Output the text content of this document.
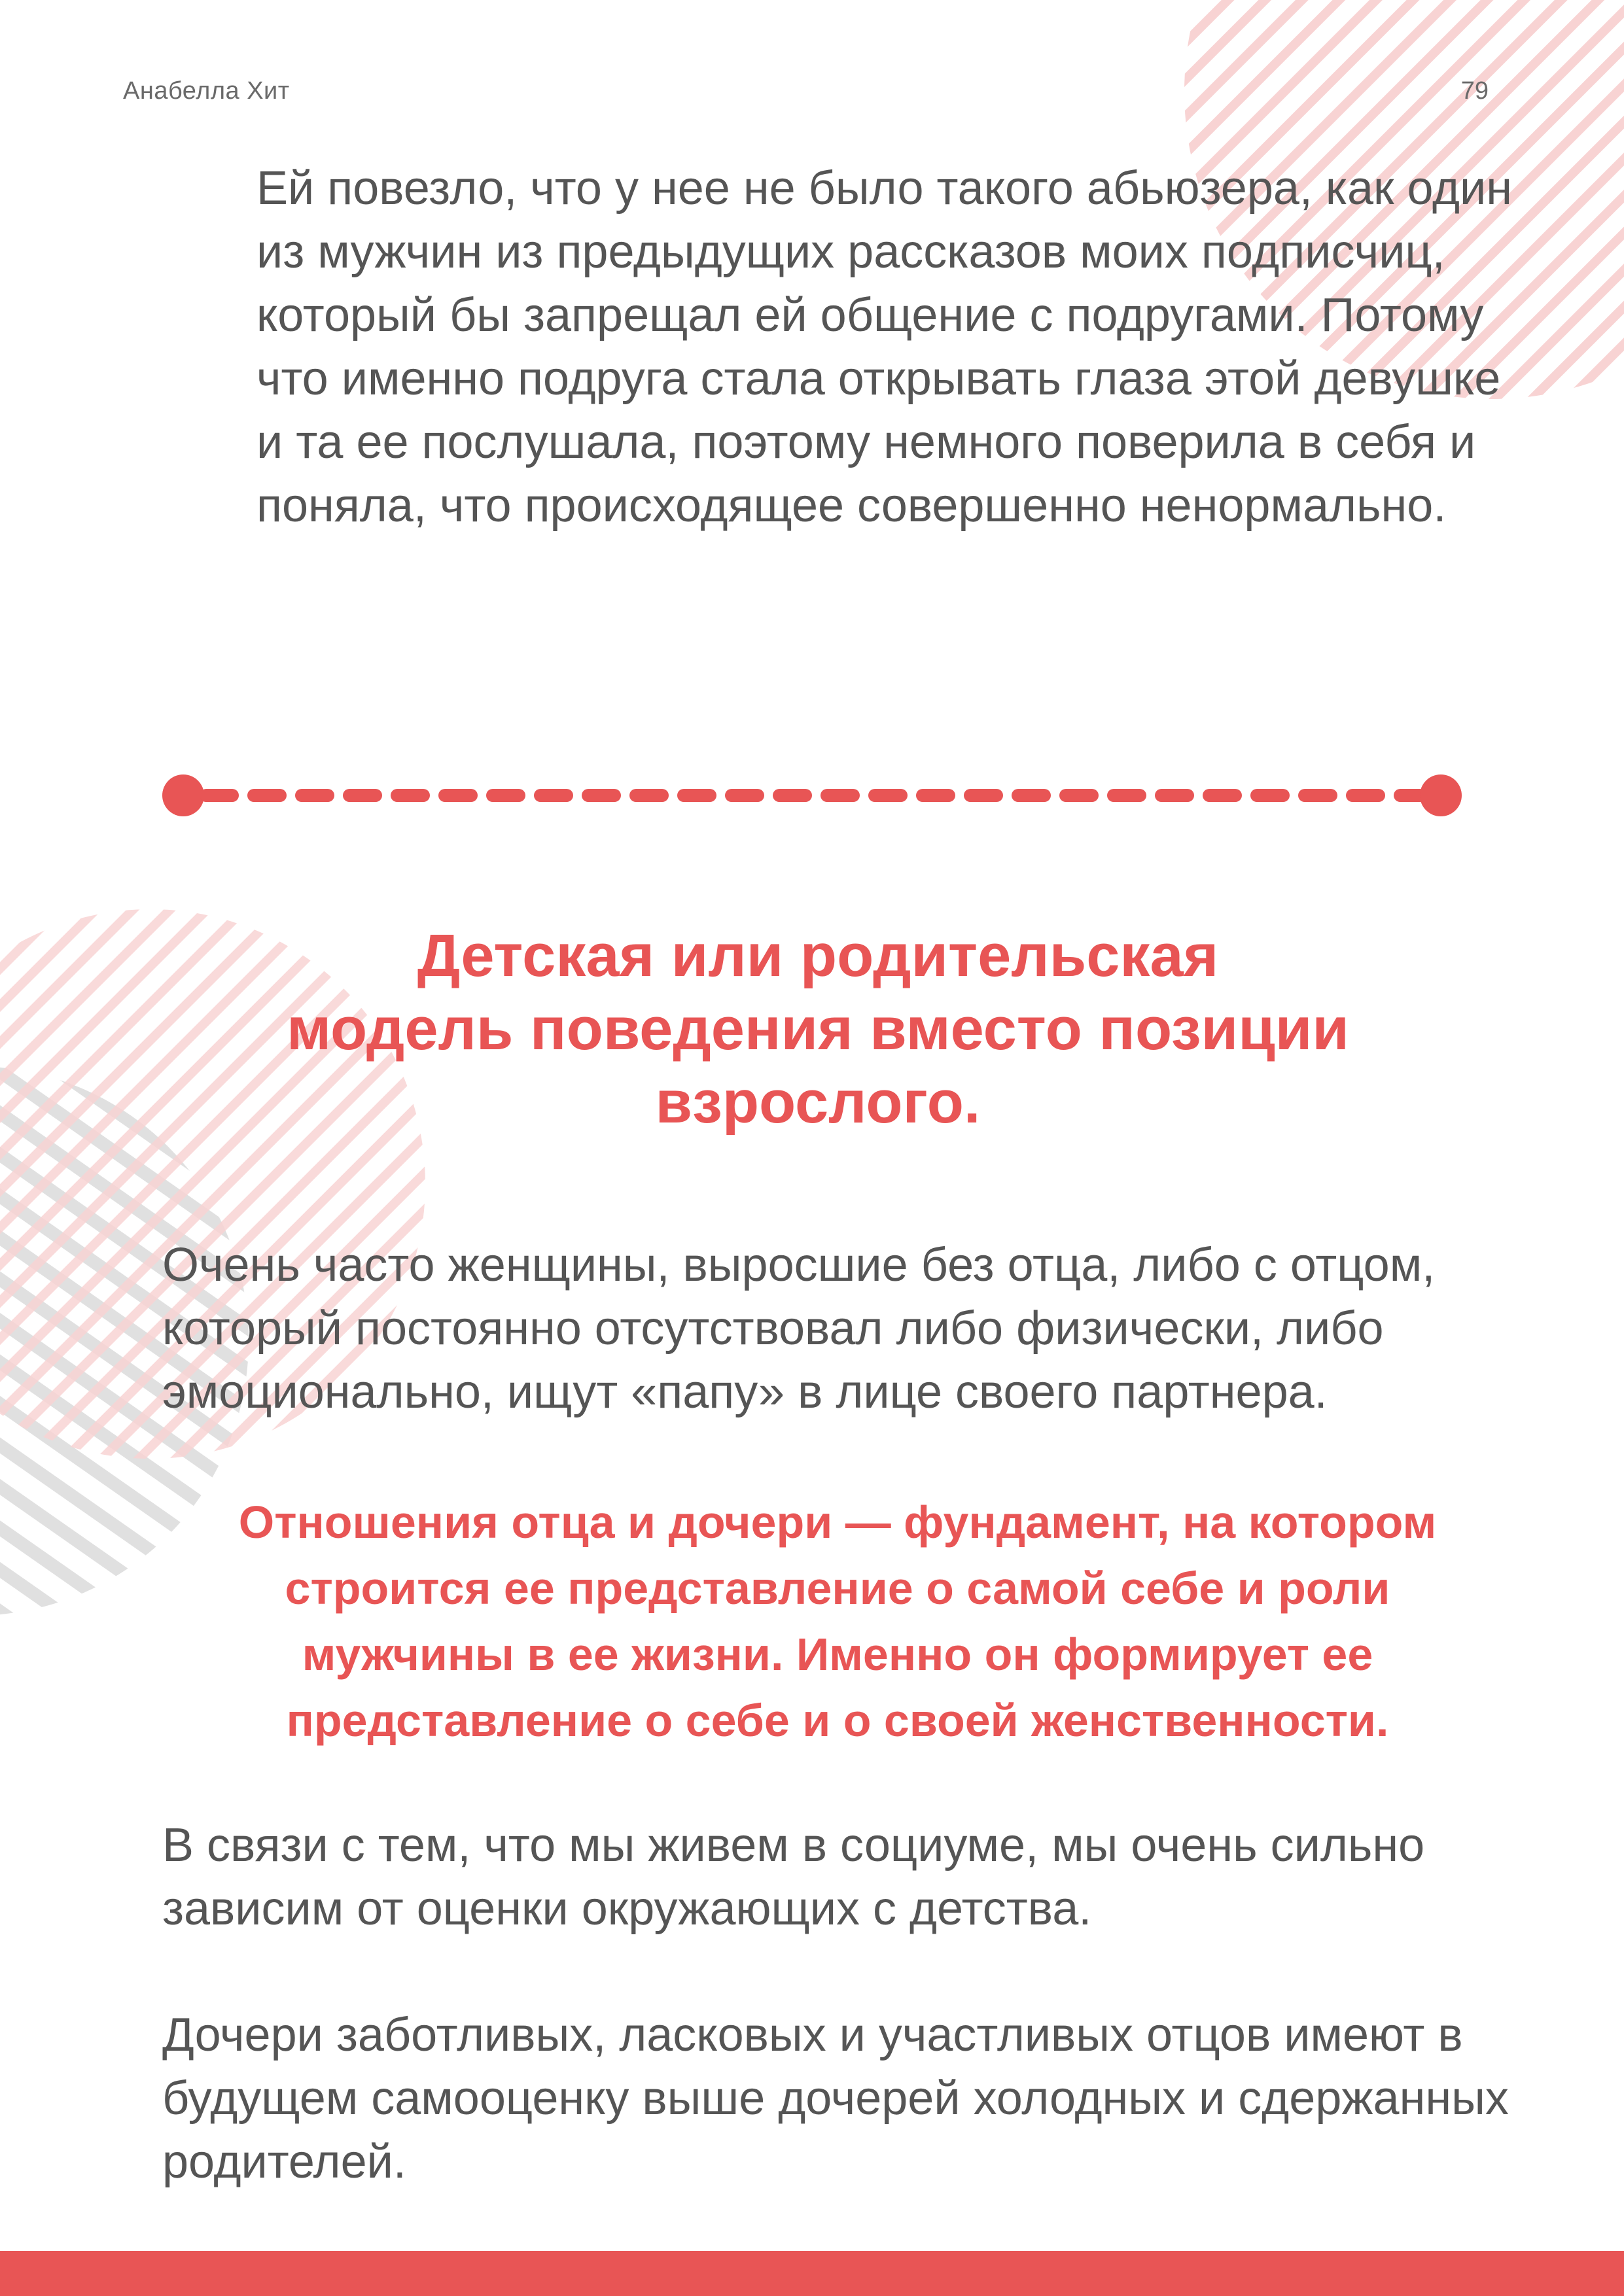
Анабелла Хит	79

Ей повезло, что у нее не было такого абьюзера, как один из мужчин из предыдущих рассказов моих подписчиц, который бы запрещал ей общение с подругами. Потому что именно подруга стала открывать глаза этой девушке и та ее послушала, поэтому немного поверила в себя и поняла, что происходящее совершенно ненормально.

Детская или родительская
модель поведения вместо позиции
взрослого.

Очень часто женщины, выросшие без отца, либо с отцом, который постоянно отсутствовал либо физически, либо эмоционально, ищут «папу» в лице своего партнера.

Отношения отца и дочери — фундамент, на котором
строится ее представление о самой себе и роли
мужчины в ее жизни. Именно он формирует ее
представление о себе и о своей женственности.

В связи с тем, что мы живем в социуме, мы очень сильно зависим от оценки окружающих с детства.

Дочери заботливых, ласковых и участливых отцов имеют в будущем самооценку выше дочерей холодных и сдержанных родителей.
